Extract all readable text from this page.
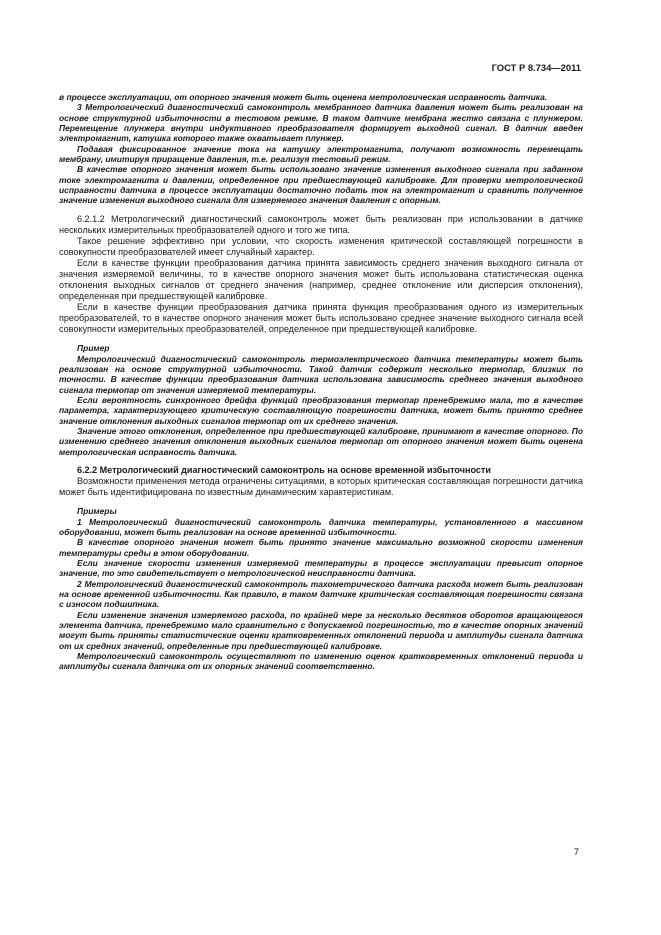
ГОСТ Р 8.734—2011

в процессе эксплуатации, от опорного значения может быть оценена метрологическая исправность датчика.

3 Метрологический диагностический самоконтроль мембранного датчика давления может быть реализован на основе структурной избыточности в тестовом режиме. В таком датчике мембрана жестко связана с плунжером. Перемещение плунжера внутри индуктивного преобразователя формирует выходной сигнал. В датчик введен электромагнит, катушка которого также охватывает плунжер.

Подавая фиксированное значение тока на катушку электромагнита, получают возможность перемещать мембрану, имитируя приращение давления, т.е. реализуя тестовый режим.

В качестве опорного значения может быть использовано значение изменения выходного сигнала при заданном токе электромагнита и давлении, определенное при предшествующей калибровке. Для проверки метрологической исправности датчика в процессе эксплуатации достаточно подать ток на электромагнит и сравнить полученное значение изменения выходного сигнала для измеряемого значения давления с опорным.

6.2.1.2 Метрологический диагностический самоконтроль может быть реализован при использовании в датчике нескольких измерительных преобразователей одного и того же типа.

Такое решение эффективно при условии, что скорость изменения критической составляющей погрешности в совокупности преобразователей имеет случайный характер.

Если в качестве функции преобразования датчика принята зависимость среднего значения выходного сигнала от значения измеряемой величины, то в качестве опорного значения может быть использована статистическая оценка отклонения выходных сигналов от среднего значения (например, среднее отклонение или дисперсия отклонения), определенная при предшествующей калибровке.

Если в качестве функции преобразования датчика принята функция преобразования одного из измерительных преобразователей, то в качестве опорного значения может быть использовано среднее значение выходного сигнала всей совокупности измерительных преобразователей, определенное при предшествующей калибровке.

Пример

Метрологический диагностический самоконтроль термоэлектрического датчика температуры может быть реализован на основе структурной избыточности. Такой датчик содержит несколько термопар, близких по точности. В качестве функции преобразования датчика использована зависимость среднего значения выходного сигнала термопар от значения измеряемой температуры.

Если вероятность синхронного дрейфа функций преобразования термопар пренебрежимо мала, то в качестве параметра, характеризующего критическую составляющую погрешности датчика, может быть принято среднее значение отклонения выходных сигналов термопар от их среднего значения.

Значение этого отклонения, определенное при предшествующей калибровке, принимают в качестве опорного. По изменению среднего значения отклонения выходных сигналов термопар от опорного значения может быть оценена метрологическая исправность датчика.

6.2.2 Метрологический диагностический самоконтроль на основе временной избыточности

Возможности применения метода ограничены ситуациями, в которых критическая составляющая погрешности датчика может быть идентифицирована по известным динамическим характеристикам.

Примеры

1 Метрологический диагностический самоконтроль датчика температуры, установленного в массивном оборудовании, может быть реализован на основе временной избыточности.

В качестве опорного значения может быть принято значение максимально возможной скорости изменения температуры среды в этом оборудовании.

Если значение скорости изменения измеряемой температуры в процессе эксплуатации превысит опорное значение, то это свидетельствует о метрологической неисправности датчика.

2 Метрологический диагностический самоконтроль тахометрического датчика расхода может быть реализован на основе временной избыточности. Как правило, в таком датчике критическая составляющая погрешности связана с износом подшипника.

Если изменение значения измеряемого расхода, по крайней мере за несколько десятков оборотов вращающегося элемента датчика, пренебрежимо мало сравнительно с допускаемой погрешностью, то в качестве опорных значений могут быть приняты статистические оценки кратковременных отклонений периода и амплитуды сигнала датчика от их средних значений, определенные при предшествующей калибровке.

Метрологический самоконтроль осуществляют по изменению оценок кратковременных отклонений периода и амплитуды сигнала датчика от их опорных значений соответственно.

7
